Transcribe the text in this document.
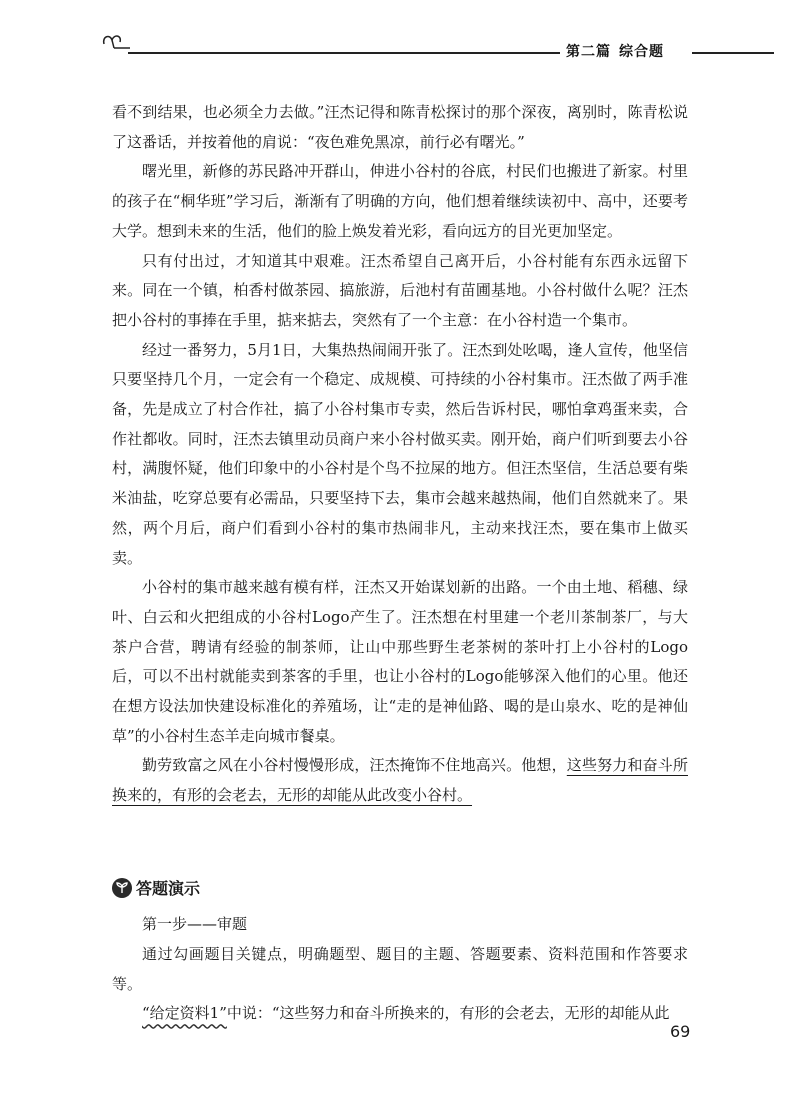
第二篇 综合题

看不到结果，也必须全力去做。”汪杰记得和陈青松探讨的那个深夜，离别时，陈青松说了这番话，并按着他的肩说：“夜色难免黑凉，前行必有曙光。”

曙光里，新修的苏民路冲开群山，伸进小谷村的谷底，村民们也搬进了新家。村里的孩子在“桐华班”学习后，渐渐有了明确的方向，他们想着继续读初中、高中，还要考大学。想到未来的生活，他们的脸上焕发着光彩，看向远方的目光更加坚定。

只有付出过，才知道其中艰难。汪杰希望自己离开后，小谷村能有东西永远留下来。同在一个镇，柏香村做茶园、搞旅游，后池村有苗圃基地。小谷村做什么呢？汪杰把小谷村的事捧在手里，掂来掂去，突然有了一个主意：在小谷村造一个集市。

经过一番努力，5月1日，大集热热闹闹开张了。汪杰到处吆喝，逢人宣传，他坚信只要坚持几个月，一定会有一个稳定、成规模、可持续的小谷村集市。汪杰做了两手准备，先是成立了村合作社，搞了小谷村集市专卖，然后告诉村民，哪怕拿鸡蛋来卖，合作社都收。同时，汪杰去镇里动员商户来小谷村做买卖。刚开始，商户们听到要去小谷村，满腹怀疑，他们印象中的小谷村是个鸟不拉屎的地方。但汪杰坚信，生活总要有柴米油盐，吃穿总要有必需品，只要坚持下去，集市会越来越热闹，他们自然就来了。果然，两个月后，商户们看到小谷村的集市热闹非凡，主动来找汪杰，要在集市上做买卖。

小谷村的集市越来越有模有样，汪杰又开始谋划新的出路。一个由土地、稻穗、绿叶、白云和火把组成的小谷村Logo产生了。汪杰想在村里建一个老川茶制茶厂，与大茶户合营，聘请有经验的制茶师，让山中那些野生老茶树的茶叶打上小谷村的Logo后，可以不出村就能卖到茶客的手里，也让小谷村的Logo能够深入他们的心里。他还在想方设法加快建设标准化的养殖场，让“走的是神仙路、喝的是山泉水、吃的是神仙草”的小谷村生态羊走向城市餐桌。

勤劳致富之风在小谷村慢慢形成，汪杰掩饰不住地高兴。他想，这些努力和奋斗所换来的，有形的会老去，无形的却能从此改变小谷村。

答题演示
第一步——审题

通过勾画题目关键点，明确题型、题目的主题、答题要素、资料范围和作答要求等。

“给定资料1”中说：“这些努力和奋斗所换来的，有形的会老去，无形的却能从此

69
